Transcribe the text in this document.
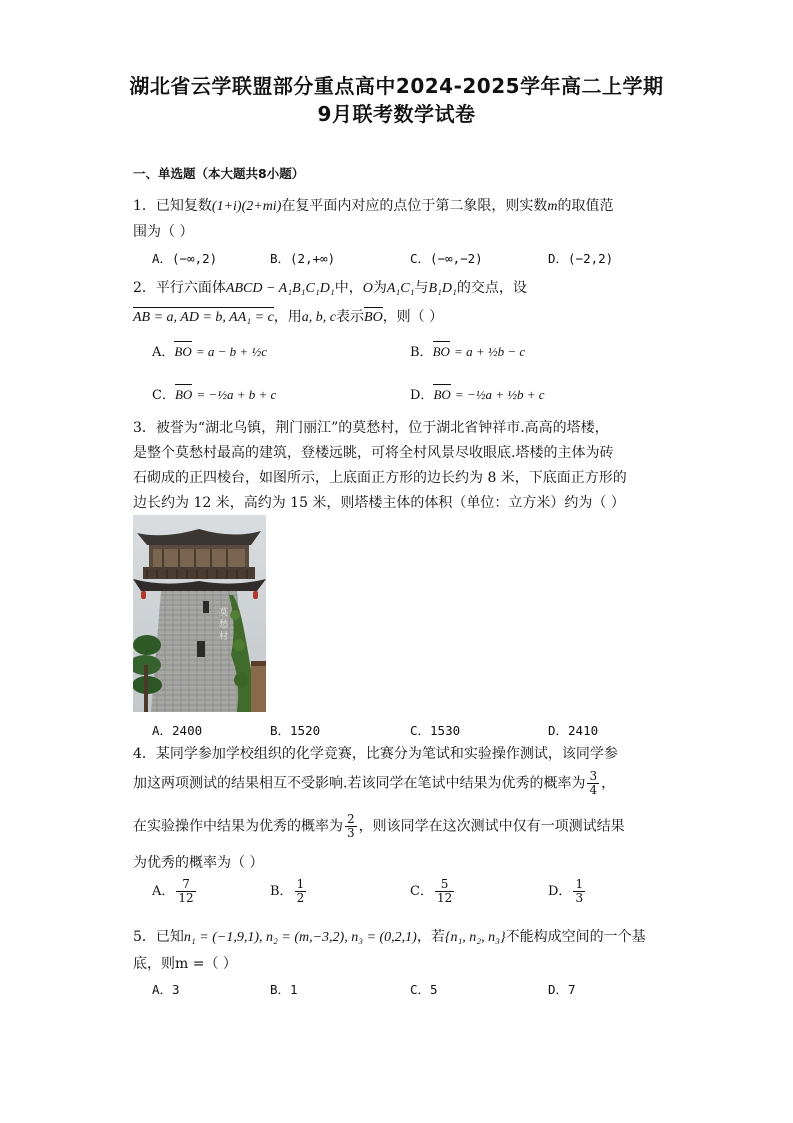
湖北省云学联盟部分重点高中2024-2025学年高二上学期
9月联考数学试卷
一、单选题（本大题共8小题）
1．已知复数(1+i)(2+mi)在复平面内对应的点位于第二象限，则实数m的取值范
围为（ ）
A．(−∞,2)	B．(2,+∞)	C．(−∞,−2)	D．(−2,2)
2．平行六面体ABCD − A₁B₁C₁D₁中，O为A₁C₁与B₁D₁的交点，设
AB = a, AD = b, AA₁ = c，用a, b, c表示BO，则（ ）
A．BO = a − b + ½c	B．BO = a + ½b − c
C．BO = −½a + b + c	D．BO = −½a + ½b + c
3．被誉为“湖北乌镇，荆门丽江”的莫愁村，位于湖北省钟祥市.高高的塔楼，
是整个莫愁村最高的建筑，登楼远眺，可将全村风景尽收眼底.塔楼的主体为砖
石砌成的正四棱台，如图所示，上底面正方形的边长约为 8 米，下底面正方形的
边长约为 12 米，高约为 15 米，则塔楼主体的体积（单位：立方米）约为（ ）
莫
愁
村
A．2400	B．1520	C．1530	D．2410
4．某同学参加学校组织的化学竞赛，比赛分为笔试和实验操作测试，该同学参
加这两项测试的结果相互不受影响.若该同学在笔试中结果为优秀的概率为 $\frac{3}{4}$ ，
在实验操作中结果为优秀的概率为 $\frac{2}{3}$ ，则该同学在这次测试中仅有一项测试结果
为优秀的概率为（ ）
A． $\frac{7}{12}$	B． $\frac{1}{2}$	C． $\frac{5}{12}$	D． $\frac{1}{3}$
5．已知n₁ = (−1,9,1), n₂ = (m,−3,2), n₃ = (0,2,1)，若{n₁, n₂, n₃}不能构成空间的一个基
底，则m =（ ）
A．3	B．1	C．5	D．7
